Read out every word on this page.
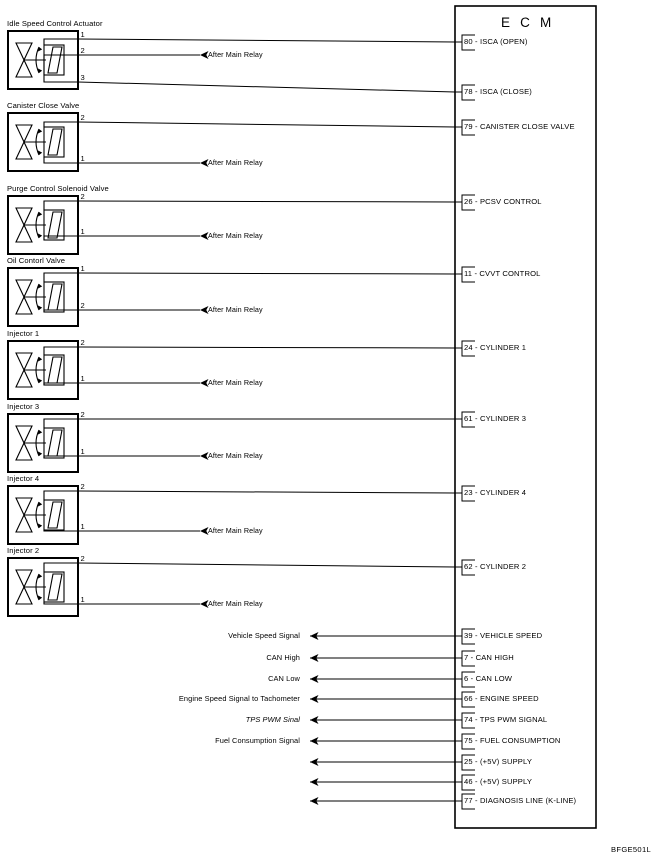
80 - ISCA (OPEN)
78 - ISCA (CLOSE)
79 - CANISTER CLOSE VALVE
26 - PCSV CONTROL
11 - CVVT CONTROL
24 - CYLINDER 1
61 - CYLINDER 3
23 - CYLINDER 4
62 - CYLINDER 2
39 - VEHICLE SPEED
7 - CAN HIGH
6 - CAN LOW
66 - ENGINE SPEED
74 - TPS PWM SIGNAL
75 - FUEL CONSUMPTION
25 - (+5V) SUPPLY
46 - (+5V) SUPPLY
77 - DIAGNOSIS LINE (K-LINE)
Idle Speed Control Actuator
1
2	After Main Relay
3
Canister Close Valve
2
1	After Main Relay
Purge Control Solenoid Valve
2
1	After Main Relay
Oil Contorl Valve
1
2	After Main Relay
Injector 1
2
1	After Main Relay
Injector 3
2
1	After Main Relay
Injector 4
2
1	After Main Relay
Injector 2
2
1	After Main Relay
Vehicle Speed Signal
CAN High
CAN Low
Engine Speed Signal to Tachometer
TPS PWM Sinal
Fuel Consumption Signal
E C M
BFGE501L
